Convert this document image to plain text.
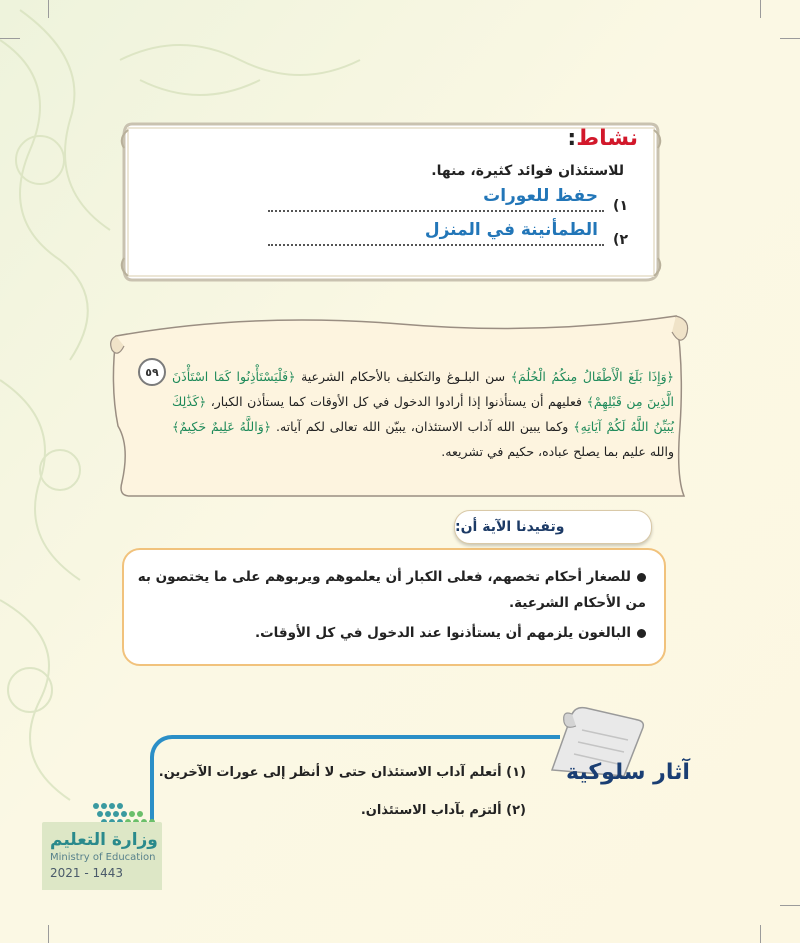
نشاط:
للاستئذان فوائد كثيرة، منها.
١)
حفظ للعورات
٢)
الطمأنينة في المنزل
٥٩	﴿وَإِذَا بَلَغَ الْأَطْفَالُ مِنكُمُ الْحُلُمَ﴾ سن البلـوغ والتكليف بالأحكام الشرعية ﴿فَلْيَسْتَأْذِنُوا كَمَا اسْتَأْذَنَ الَّذِينَ مِن قَبْلِهِمْ﴾ فعليهم أن يستأذنوا إذا أرادوا الدخول في كل الأوقات كما يستأذن الكبار، ﴿كَذَٰلِكَ يُبَيِّنُ اللَّهُ لَكُمْ آيَاتِهِ﴾ وكما يبين الله آداب الاستئذان، يبيّن الله تعالى لكم آياته. ﴿وَاللَّهُ عَلِيمٌ حَكِيمٌ﴾ والله عليم بما يصلح عباده، حكيم في تشريعه.

للصغار أحكام تخصهم، فعلى الكبار أن يعلموهم ويربوهم على ما يختصون به من الأحكام الشرعية.
البالغون يلزمهم أن يستأذنوا عند الدخول في كل الأوقات.
وتفيدنا الآية أن:
(١) أتعلم آداب الاستئذان حتى لا أنظر إلى عورات الآخرين.
(٢) ألتزم بآداب الاستئذان.
آثار سلوكية
وزارة التعليم
Ministry of Education
2021 - 1443
